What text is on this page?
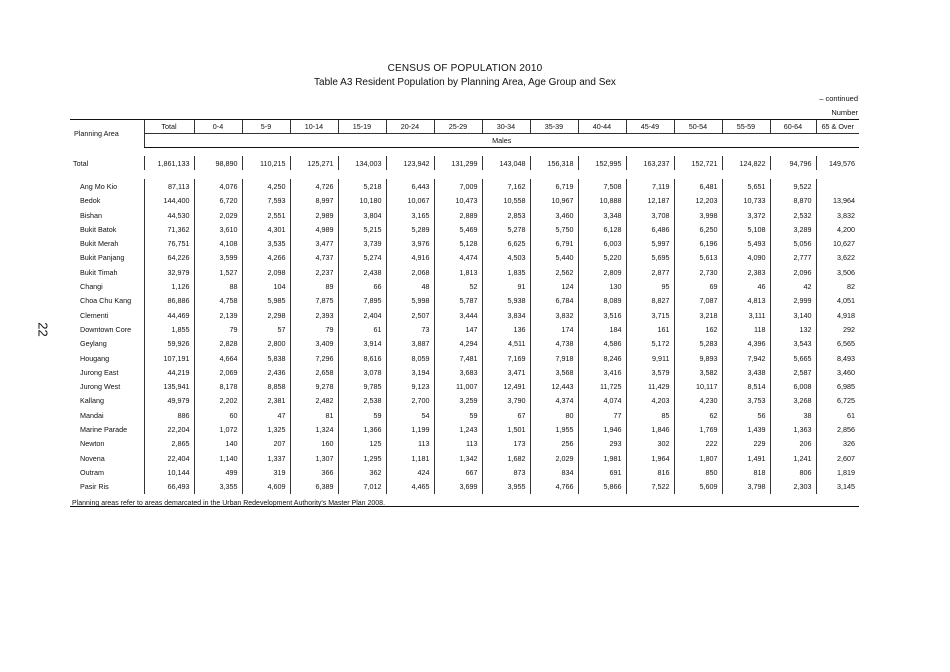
22
CENSUS OF POPULATION 2010
Table A3 Resident Population by Planning Area, Age Group and Sex
– continued
Number
Planning Area	Total	0-4	5-9	10-14	15-19	20-24	25-29	30-34	35-39	40-44	45-49	50-54	55-59	60-64	65 & Over
	Males														

Total	1,861,133	98,890	110,215	125,271	134,003	123,942	131,299	143,048	156,318	152,995	163,237	152,721	124,822	94,796	149,576

Ang Mo Kio	87,113	4,076	4,250	4,726	5,218	6,443	7,009	7,162	6,719	7,508	7,119	6,481	5,651	9,522	
Bedok	144,400	6,720	7,593	8,997	10,180	10,067	10,473	10,558	10,967	10,888	12,187	12,203	10,733	8,870	13,964
Bishan	44,530	2,029	2,551	2,989	3,804	3,165	2,889	2,853	3,460	3,348	3,708	3,998	3,372	2,532	3,832
Bukit Batok	71,362	3,610	4,301	4,989	5,215	5,289	5,469	5,278	5,750	6,128	6,486	6,250	5,108	3,289	4,200
Bukit Merah	76,751	4,108	3,535	3,477	3,739	3,976	5,128	6,625	6,791	6,003	5,997	6,196	5,493	5,056	10,627
Bukit Panjang	64,226	3,599	4,266	4,737	5,274	4,916	4,474	4,503	5,440	5,220	5,695	5,613	4,090	2,777	3,622
Bukit Timah	32,979	1,527	2,098	2,237	2,438	2,068	1,813	1,835	2,562	2,809	2,877	2,730	2,383	2,096	3,506
Changi	1,126	88	104	89	66	48	52	91	124	130	95	69	46	42	82
Choa Chu Kang	86,886	4,758	5,985	7,875	7,895	5,998	5,787	5,938	6,784	8,089	8,827	7,087	4,813	2,999	4,051
Clementi	44,469	2,139	2,298	2,393	2,404	2,507	3,444	3,834	3,832	3,516	3,715	3,218	3,111	3,140	4,918
Downtown Core	1,855	79	57	79	61	73	147	136	174	184	161	162	118	132	292
Geylang	59,926	2,828	2,800	3,409	3,914	3,887	4,294	4,511	4,738	4,586	5,172	5,283	4,396	3,543	6,565
Hougang	107,191	4,664	5,838	7,296	8,616	8,059	7,481	7,169	7,918	8,246	9,911	9,893	7,942	5,665	8,493
Jurong East	44,219	2,069	2,436	2,658	3,078	3,194	3,683	3,471	3,568	3,416	3,579	3,582	3,438	2,587	3,460
Jurong West	135,941	8,178	8,858	9,278	9,785	9,123	11,007	12,491	12,443	11,725	11,429	10,117	8,514	6,008	6,985
Kallang	49,979	2,202	2,381	2,482	2,538	2,700	3,259	3,790	4,374	4,074	4,203	4,230	3,753	3,268	6,725
Mandai	886	60	47	81	59	54	59	67	80	77	85	62	56	38	61
Marine Parade	22,204	1,072	1,325	1,324	1,366	1,199	1,243	1,501	1,955	1,946	1,846	1,769	1,439	1,363	2,856
Newton	2,865	140	207	160	125	113	113	173	256	293	302	222	229	206	326
Novena	22,404	1,140	1,337	1,307	1,295	1,181	1,342	1,682	2,029	1,981	1,964	1,807	1,491	1,241	2,607
Outram	10,144	499	319	366	362	424	667	873	834	691	816	850	818	806	1,819
Pasir Ris	66,493	3,355	4,609	6,389	7,012	4,465	3,699	3,955	4,766	5,866	7,522	5,609	3,798	2,303	3,145

Planning areas refer to areas demarcated in the Urban Redevelopment Authority's Master Plan 2008.
